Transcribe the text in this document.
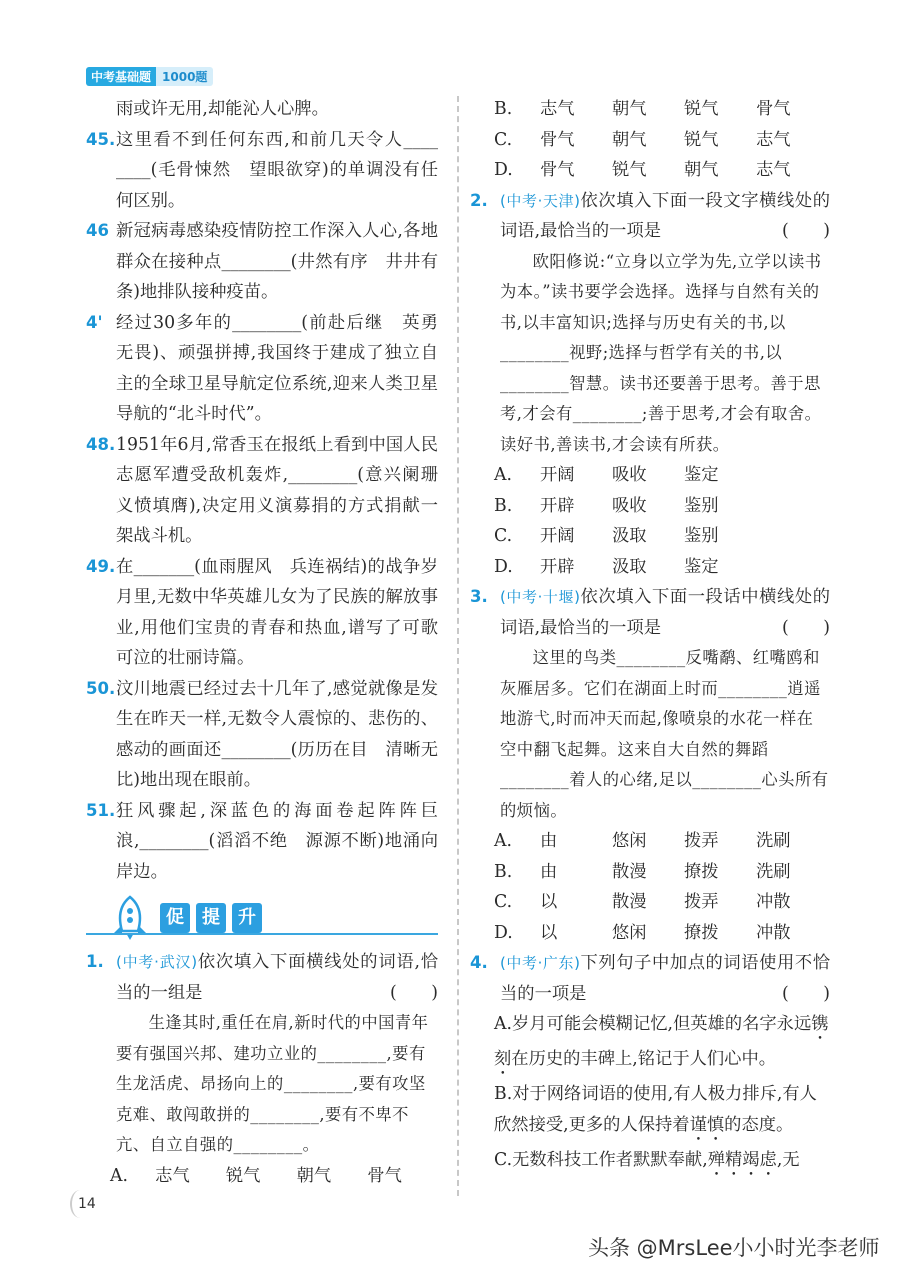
中考基础题 1000题
雨或许无用,却能沁人心脾。
45. 这里看不到任何东西,和前几天令人____ ____(毛骨悚然　望眼欲穿)的单调没有任何区别。
46 新冠病毒感染疫情防控工作深入人心,各地群众在接种点________(井然有序　井井有条)地排队接种疫苗。
4' 经过30多年的________(前赴后继　英勇无畏)、顽强拼搏,我国终于建成了独立自主的全球卫星导航定位系统,迎来人类卫星导航的“北斗时代”。
48. 1951年6月,常香玉在报纸上看到中国人民志愿军遭受敌机轰炸,________(意兴阑珊　义愤填膺),决定用义演募捐的方式捐献一架战斗机。
49. 在_______(血雨腥风　兵连祸结)的战争岁月里,无数中华英雄儿女为了民族的解放事业,用他们宝贵的青春和热血,谱写了可歌可泣的壮丽诗篇。
50. 汶川地震已经过去十几年了,感觉就像是发生在昨天一样,无数令人震惊的、悲伤的、感动的画面还________(历历在目　清晰无比)地出现在眼前。
51. 狂风骤起,深蓝色的海面卷起阵阵巨浪,________(滔滔不绝　源源不断)地涌向岸边。
促	提	升
1. (中考·武汉)依次填入下面横线处的词语,恰当的一组是	(　　)
生逢其时,重任在肩,新时代的中国青年要有强国兴邦、建功立业的________,要有生龙活虎、昂扬向上的________,要有攻坚克难、敢闯敢拼的________,要有不卑不亢、自立自强的________。
A.	志气	锐气	朝气	骨气
B.	志气	朝气	锐气	骨气
C.	骨气	朝气	锐气	志气
D.	骨气	锐气	朝气	志气
2. (中考·天津)依次填入下面一段文字横线处的词语,最恰当的一项是	(　　)
欧阳修说:“立身以立学为先,立学以读书为本。”读书要学会选择。选择与自然有关的书,以丰富知识;选择与历史有关的书,以________视野;选择与哲学有关的书,以________智慧。读书还要善于思考。善于思考,才会有________;善于思考,才会有取舍。读好书,善读书,才会读有所获。
A.	开阔	吸收	鉴定
B.	开辟	吸收	鉴别
C.	开阔	汲取	鉴别
D.	开辟	汲取	鉴定
3. (中考·十堰)依次填入下面一段话中横线处的词语,最恰当的一项是	(　　)
这里的鸟类________反嘴鹬、红嘴鸥和灰雁居多。它们在湖面上时而________逍遥地游弋,时而冲天而起,像喷泉的水花一样在空中翻飞起舞。这来自大自然的舞蹈________着人的心绪,足以________心头所有的烦恼。
A.	由	悠闲	拨弄	洗刷
B.	由	散漫	撩拨	洗刷
C.	以	散漫	拨弄	冲散
D.	以	悠闲	撩拨	冲散
4. (中考·广东)下列句子中加点的词语使用不恰当的一项是	(　　)
A.岁月可能会模糊记忆,但英雄的名字永远镌刻在历史的丰碑上,铭记于人们心中。
B.对于网络词语的使用,有人极力排斥,有人欣然接受,更多的人保持着谨慎的态度。
C.无数科技工作者默默奉献,殚精竭虑,无
14
头条 @MrsLee小小时光李老师
